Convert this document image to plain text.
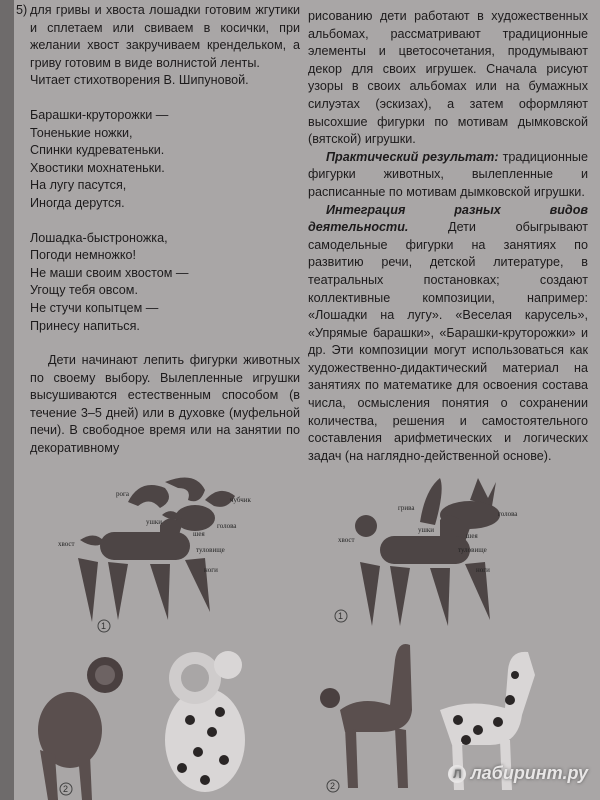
5) для гривы и хвоста лошадки готовим жгутики и сплетаем или свиваем в косички, при желании хвост закручиваем крендельком, а гриву готовим в виде волнистой ленты.

Читает стихотворения В. Шипуновой.

Барашки-круторожки —
Тоненькие ножки,
Спинки кудреватеньки.
Хвостики мохнатеньки.
На лугу пасутся,
Иногда дерутся.
Лошадка-быстроножка,
Погоди немножко!
Не маши своим хвостом —
Угощу тебя овсом.
Не стучи копытцем —
Принесу напиться.

Дети начинают лепить фигурки животных по своему выбору. Вылепленные игрушки высушиваются естественным способом (в течение 3–5 дней) или в духовке (муфельной печи). В свободное время или на занятии по декоративному

рисованию дети работают в художественных альбомах, рассматривают традиционные элементы и цветосочетания, продумывают декор для своих игрушек. Сначала рисуют узоры в своих альбомах или на бумажных силуэтах (эскизах), а затем оформляют высохшие фигурки по мотивам дымковской (вятской) игрушки.

Практический результат: традиционные фигурки животных, вылепленные и расписанные по мотивам дымковской игрушки.

Интеграция разных видов деятельности.	Дети обыгрывают самодельные фигурки на занятиях по развитию речи, детской литературе, в театральных постановках; создают коллективные композиции, например: «Лошадки на лугу». «Веселая карусель», «Упрямые барашки», «Барашки-круторожки» и др. Эти композиции могут использоваться как художественно-дидактический материал на занятиях по математике для освоения состава числа, осмысления понятия о сохранении количества, решения и самостоятельного составления арифметических и логических задач (на наглядно-действенной основе).

рога
чубчик
ушки	голова
шея
хвост
туловище
ноги
1
грива
голова
ушки
шея
хвост
туловище
ноги
1
2	2
Л лабиринт.ру
